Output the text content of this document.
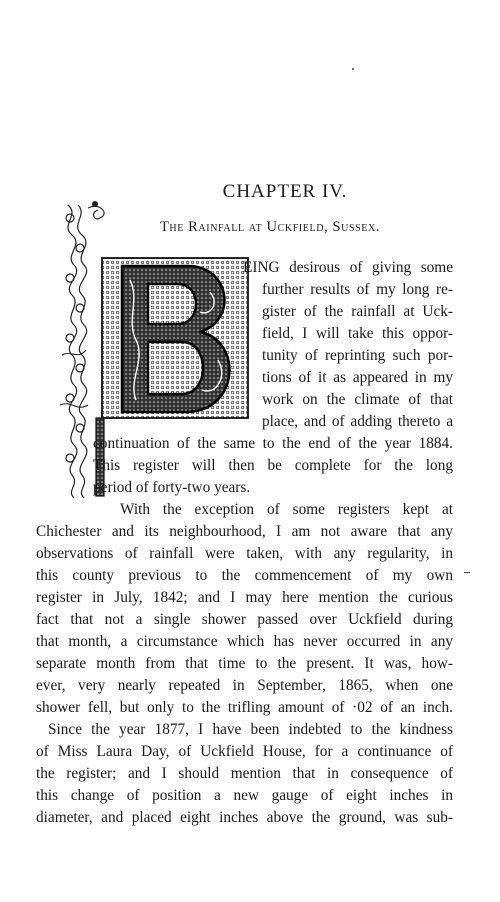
CHAPTER IV.
The Rainfall at Uckfield, Sussex.
EING desirous of giving some
further results of my long re-
gister of the rainfall at Uck-
field, I will take this oppor-
tunity of reprinting such por-
tions of it as appeared in my
work on the climate of that
place, and of adding thereto a
continuation of the same to the end of the year 1884.
This register will then be complete for the long
period of forty-two years.
With the exception of some registers kept at
Chichester and its neighbourhood, I am not aware that any
observations of rainfall were taken, with any regularity, in
this county previous to the commencement of my own
register in July, 1842; and I may here mention the curious
fact that not a single shower passed over Uckfield during
that month, a circumstance which has never occurred in any
separate month from that time to the present. It was, how-
ever, very nearly repeated in September, 1865, when one
shower fell, but only to the trifling amount of ·02 of an inch.
Since the year 1877, I have been indebted to the kindness
of Miss Laura Day, of Uckfield House, for a continuance of
the register; and I should mention that in consequence of
this change of position a new gauge of eight inches in
diameter, and placed eight inches above the ground, was sub-
